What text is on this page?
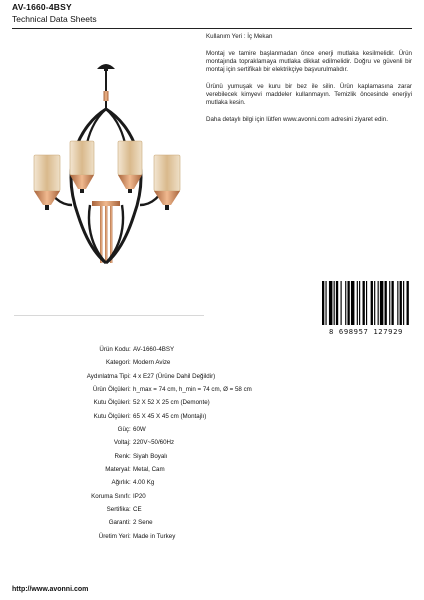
AV-1660-4BSY
Technical Data Sheets

Kullanım Yeri : İç Mekan

Montaj ve tamire başlanmadan önce enerji mutlaka kesilmelidir. Ürün montajında topraklamaya mutlaka dikkat edilmelidir. Doğru ve güvenli bir montaj için sertifikalı bir elektrikçiye başvurulmalıdır.

Ürünü yumuşak ve kuru bir bez ile silin. Ürün kaplamasına zarar verebilecek kimyevi maddeler kullanmayın. Temizlik öncesinde enerjiyi mutlaka kesin.

Daha detaylı bilgi için lütfen www.avonni.com adresini ziyaret edin.

8 698957 127929
Ürün Kodu : AV-1660-4BSY
Kategori : Modern Avize
Aydınlatma Tipi : 4 x E27 (Ürüne Dahil Değildir)
Ürün Ölçüleri : h_max = 74 cm, h_min = 74 cm, Ø = 58 cm
Kutu Ölçüleri : 52 X 52 X 25 cm (Demonte)
Kutu Ölçüleri : 65 X 45 X 45 cm (Montajlı)
Güç : 60W
Voltaj : 220V~50/60Hz
Renk : Siyah Boyalı
Materyal : Metal, Cam
Ağırlık : 4.00 Kg
Koruma Sınıfı : IP20
Sertifika : CE
Garanti : 2 Sene
Üretim Yeri : Made in Turkey
http://www.avonni.com
